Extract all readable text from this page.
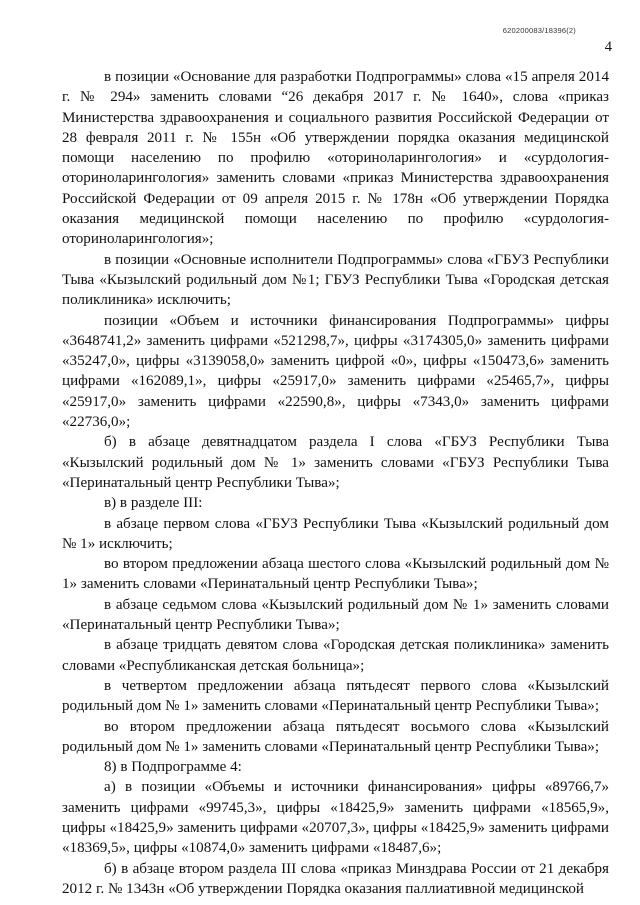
620200083/18396(2)
4

в позиции «Основание для разработки Подпрограммы» слова «15 апреля 2014 г. № 294» заменить словами “26 декабря 2017 г. № 1640», слова «приказ Министерства здравоохранения и социального развития Российской Федерации от 28 февраля 2011 г. № 155н «Об утверждении порядка оказания медицинской помощи населению по профилю «оториноларингология» и «сурдология-оториноларингология» заменить словами «приказ Министерства здравоохранения Российской Федерации от 09 апреля 2015 г. № 178н «Об утверждении Порядка оказания медицинской помощи населению по профилю «сурдология-оториноларингология»;

в позиции «Основные исполнители Подпрограммы» слова «ГБУЗ Республики Тыва «Кызылский родильный дом №1; ГБУЗ Республики Тыва «Городская детская поликлиника» исключить;

позиции «Объем и источники финансирования Подпрограммы» цифры «3648741,2» заменить цифрами «521298,7», цифры «3174305,0» заменить цифрами «35247,0», цифры «3139058,0» заменить цифрой «0», цифры «150473,6» заменить цифрами «162089,1», цифры «25917,0» заменить цифрами «25465,7», цифры «25917,0» заменить цифрами «22590,8», цифры «7343,0» заменить цифрами «22736,0»;

б) в абзаце девятнадцатом раздела I слова «ГБУЗ Республики Тыва «Кызылский родильный дом № 1» заменить словами «ГБУЗ Республики Тыва «Перинатальный центр Республики Тыва»;

в) в разделе III:

в абзаце первом слова «ГБУЗ Республики Тыва «Кызылский родильный дом № 1» исключить;

во втором предложении абзаца шестого слова «Кызылский родильный дом № 1» заменить словами «Перинатальный центр Республики Тыва»;

в абзаце седьмом слова «Кызылский родильный дом № 1» заменить словами «Перинатальный центр Республики Тыва»;

в абзаце тридцать девятом слова «Городская детская поликлиника» заменить словами «Республиканская детская больница»;

в четвертом предложении абзаца пятьдесят первого слова «Кызылский родильный дом № 1» заменить словами «Перинатальный центр Республики Тыва»;

во втором предложении абзаца пятьдесят восьмого слова «Кызылский родильный дом № 1» заменить словами «Перинатальный центр Республики Тыва»;

8) в Подпрограмме 4:

а) в позиции «Объемы и источники финансирования» цифры «89766,7» заменить цифрами «99745,3», цифры «18425,9» заменить цифрами «18565,9», цифры «18425,9» заменить цифрами «20707,3», цифры «18425,9» заменить цифрами «18369,5», цифры «10874,0» заменить цифрами «18487,6»;

б) в абзаце втором раздела III слова «приказ Минздрава России от 21 декабря 2012 г. № 1343н «Об утверждении Порядка оказания паллиативной медицинской
